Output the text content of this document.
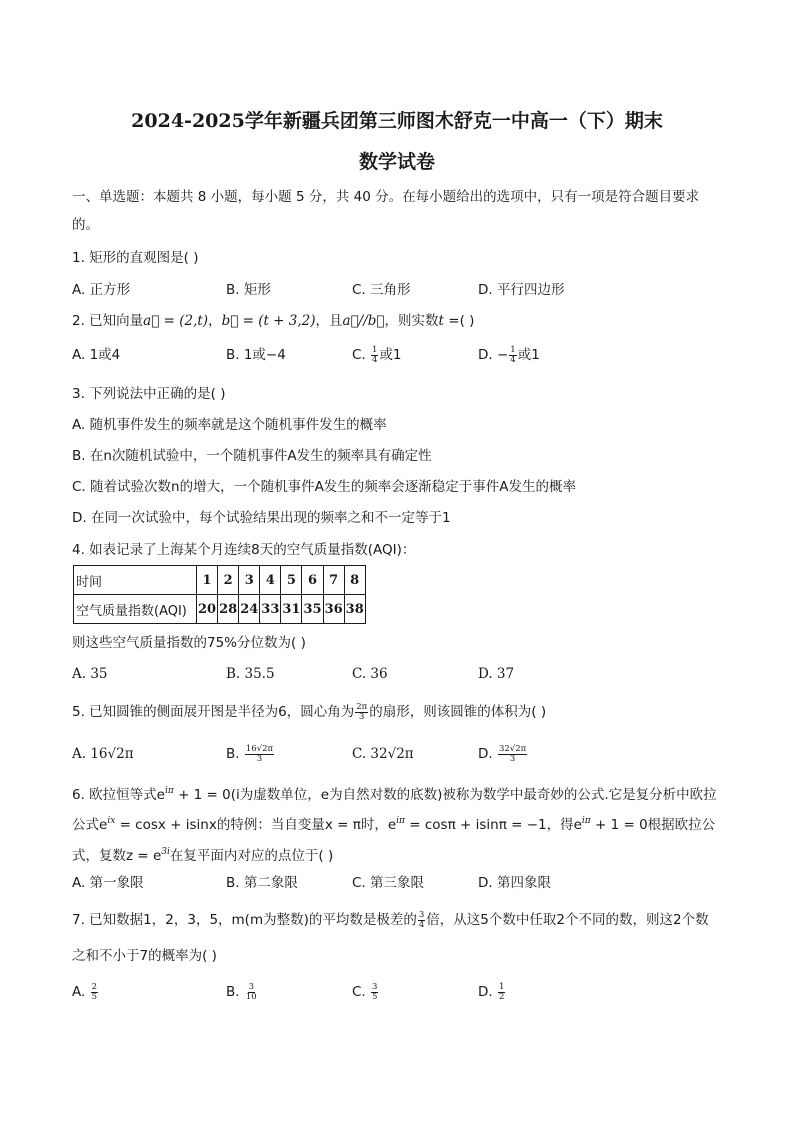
2024-2025学年新疆兵团第三师图木舒克一中高一（下）期末
数学试卷
一、单选题：本题共 8 小题，每小题 5 分，共 40 分。在每小题给出的选项中，只有一项是符合题目要求
的。
1. 矩形的直观图是( )
A. 正方形	B. 矩形	C. 三角形	D. 平行四边形
2. 已知向量a⃗ = (2,t)，b⃗ = (t + 3,2)，且a⃗//b⃗，则实数t =( )
A. 1或4	B. 1或−4	C. $\frac{1}{4}$ 或1	D. − $\frac{1}{4}$ 或1
3. 下列说法中正确的是( )
A. 随机事件发生的频率就是这个随机事件发生的概率
B. 在n次随机试验中，一个随机事件A发生的频率具有确定性
C. 随着试验次数n的增大，一个随机事件A发生的频率会逐渐稳定于事件A发生的概率
D. 在同一次试验中，每个试验结果出现的频率之和不一定等于1
4. 如表记录了上海某个月连续8天的空气质量指数(AQI)：
时间	1	2	3	4	5	6	7	8
空气质量指数(AQI)	20	28	24	33	31	35	36	38
则这些空气质量指数的75%分位数为( )
A. 35	B. 35.5	C. 36	D. 37
5. 已知圆锥的侧面展开图是半径为6，圆心角为 $\frac{2\pi}{3}$ 的扇形，则该圆锥的体积为( )
A. 16√2π	B. $\frac{16√2\pi}{3}$	C. 32√2π	D. $\frac{32√2\pi}{3}$
6. 欧拉恒等式$e^{i\pi} + 1 = 0(i$为虚数单位，e为自然对数的底数)被称为数学中最奇妙的公式.它是复分析中欧拉
公式$e^{ix} = \cos x + isinx$的特例：当自变量x = π时，$e^{i\pi} = \cos\pi + isin\pi = -1$，得$e^{i\pi} + 1 = 0$根据欧拉公
式，复数$z = e^{3i}$在复平面内对应的点位于( )
A. 第一象限	B. 第二象限	C. 第三象限	D. 第四象限
7. 已知数据1，2，3，5，m(m为整数)的平均数是极差的 $\frac{3}{4}$ 倍，从这5个数中任取2个不同的数，则这2个数
之和不小于7的概率为( )
A. $\frac{2}{5}$	B. $\frac{3}{10}$	C. $\frac{3}{5}$	D. $\frac{1}{2}$
